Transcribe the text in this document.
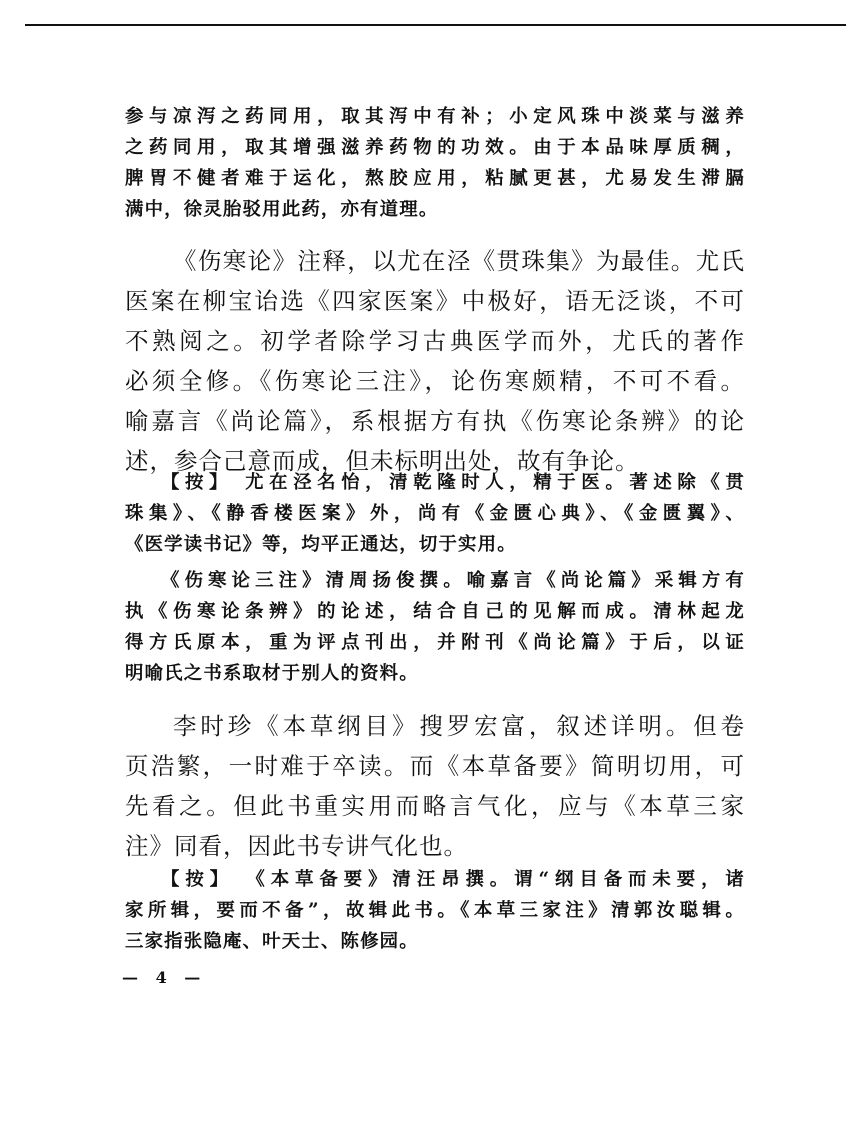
参与凉泻之药同用，取其泻中有补；小定风珠中淡菜与滋养
之药同用，取其增强滋养药物的功效。由于本品味厚质稠，
脾胃不健者难于运化，熬胶应用，粘腻更甚，尤易发生滞膈
满中，徐灵胎驳用此药，亦有道理。
《伤寒论》注释，以尤在泾《贯珠集》为最佳。尤氏
医案在柳宝诒选《四家医案》中极好，语无泛谈，不可
不熟阅之。初学者除学习古典医学而外，尤氏的著作
必须全修。《伤寒论三注》，论伤寒颇精，不可不看。
喻嘉言《尚论篇》，系根据方有执《伤寒论条辨》的论
述，参合己意而成，但未标明出处，故有争论。
【按】 尤在泾名怡，清乾隆时人，精于医。著述除《贯
珠集》、《静香楼医案》外，尚有《金匮心典》、《金匮翼》、
《医学读书记》等，均平正通达，切于实用。
《伤寒论三注》清周扬俊撰。喻嘉言《尚论篇》采辑方有
执《伤寒论条辨》的论述，结合自己的见解而成。清林起龙
得方氏原本，重为评点刊出，并附刊《尚论篇》于后，以证
明喻氏之书系取材于别人的资料。
李时珍《本草纲目》搜罗宏富，叙述详明。但卷
页浩繁，一时难于卒读。而《本草备要》简明切用，可
先看之。但此书重实用而略言气化，应与《本草三家
注》同看，因此书专讲气化也。
【按】 《本草备要》清汪昂撰。谓“纲目备而未要，诸
家所辑，要而不备”，故辑此书。《本草三家注》清郭汝聪辑。
三家指张隐庵、叶天士、陈修园。
— 4 —
